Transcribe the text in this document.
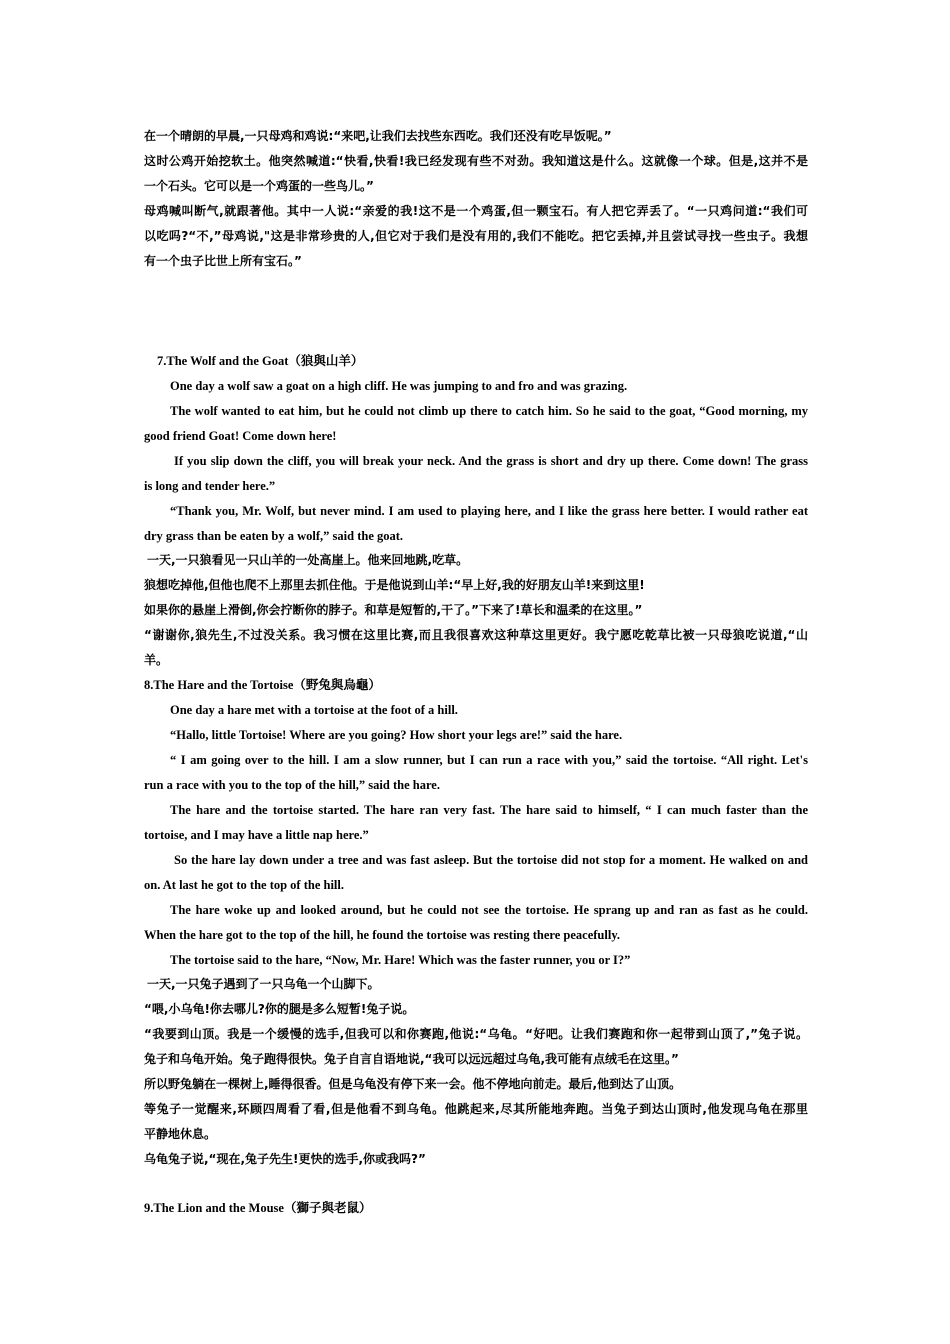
在一个晴朗的早晨,一只母鸡和鸡说:“来吧,让我们去找些东西吃。我们还没有吃早饭呢。”
这时公鸡开始挖软土。他突然喊道:“快看,快看!我已经发现有些不对劲。我知道这是什么。这就像一个球。但是,这并不是
一个石头。它可以是一个鸡蛋的一些鸟儿。”
母鸡喊叫断气,就跟著他。其中一人说:“亲爱的我!这不是一个鸡蛋,但一颗宝石。有人把它弄丢了。“一只鸡问道:“我们可
以吃吗?“不,”母鸡说,"这是非常珍贵的人,但它对于我们是没有用的,我们不能吃。把它丢掉,并且尝试寻找一些虫子。我想
有一个虫子比世上所有宝石。”
7.The Wolf and the Goat（狼與山羊）
One day a wolf saw a goat on a high cliff. He was jumping to and fro and was grazing.
The wolf wanted to eat him, but he could not climb up there to catch him. So he said to the goat, “Good morning, my
good friend Goat! Come down here!
If you slip down the cliff, you will break your neck. And the grass is short and dry up there. Come down! The grass
is long and tender here.”
“Thank you, Mr. Wolf, but never mind. I am used to playing here, and I like the grass here better. I would rather eat
dry grass than be eaten by a wolf,” said the goat.
一天,一只狼看见一只山羊的一处高崖上。他来回地跳,吃草。
狼想吃掉他,但他也爬不上那里去抓住他。于是他说到山羊:“早上好,我的好朋友山羊!来到这里!
如果你的悬崖上滑倒,你会拧断你的脖子。和草是短暂的,干了。”下来了!草长和温柔的在这里。”
“谢谢你,狼先生,不过没关系。我习惯在这里比赛,而且我很喜欢这种草这里更好。我宁愿吃乾草比被一只母狼吃说道,“山
羊。
8.The Hare and the Tortoise（野兔與烏龜）
One day a hare met with a tortoise at the foot of a hill.
“Hallo, little Tortoise! Where are you going? How short your legs are!” said the hare.
“ I am going over to the hill. I am a slow runner, but I can run a race with you,” said the tortoise. “All right. Let's
run a race with you to the top of the hill,” said the hare.
The hare and the tortoise started. The hare ran very fast. The hare said to himself, “ I can much faster than the
tortoise, and I may have a little nap here.”
So the hare lay down under a tree and was fast asleep. But the tortoise did not stop for a moment. He walked on and
on. At last he got to the top of the hill.
The hare woke up and looked around, but he could not see the tortoise. He sprang up and ran as fast as he could.
When the hare got to the top of the hill, he found the tortoise was resting there peacefully.
The tortoise said to the hare, “Now, Mr. Hare! Which was the faster runner, you or I?”
一天,一只兔子遇到了一只乌龟一个山脚下。
“喂,小乌龟!你去哪儿?你的腿是多么短暂!兔子说。
“我要到山顶。我是一个缓慢的选手,但我可以和你赛跑,他说:“乌龟。“好吧。让我们赛跑和你一起带到山顶了,”兔子说。
兔子和乌龟开始。兔子跑得很快。兔子自言自语地说,“我可以远远超过乌龟,我可能有点绒毛在这里。”
所以野兔躺在一棵树上,睡得很香。但是乌龟没有停下来一会。他不停地向前走。最后,他到达了山顶。
等兔子一觉醒来,环顾四周看了看,但是他看不到乌龟。他跳起来,尽其所能地奔跑。当兔子到达山顶时,他发现乌龟在那里
平静地休息。
乌龟兔子说,“现在,兔子先生!更快的选手,你或我吗?”
9.The Lion and the Mouse（獅子與老鼠）
